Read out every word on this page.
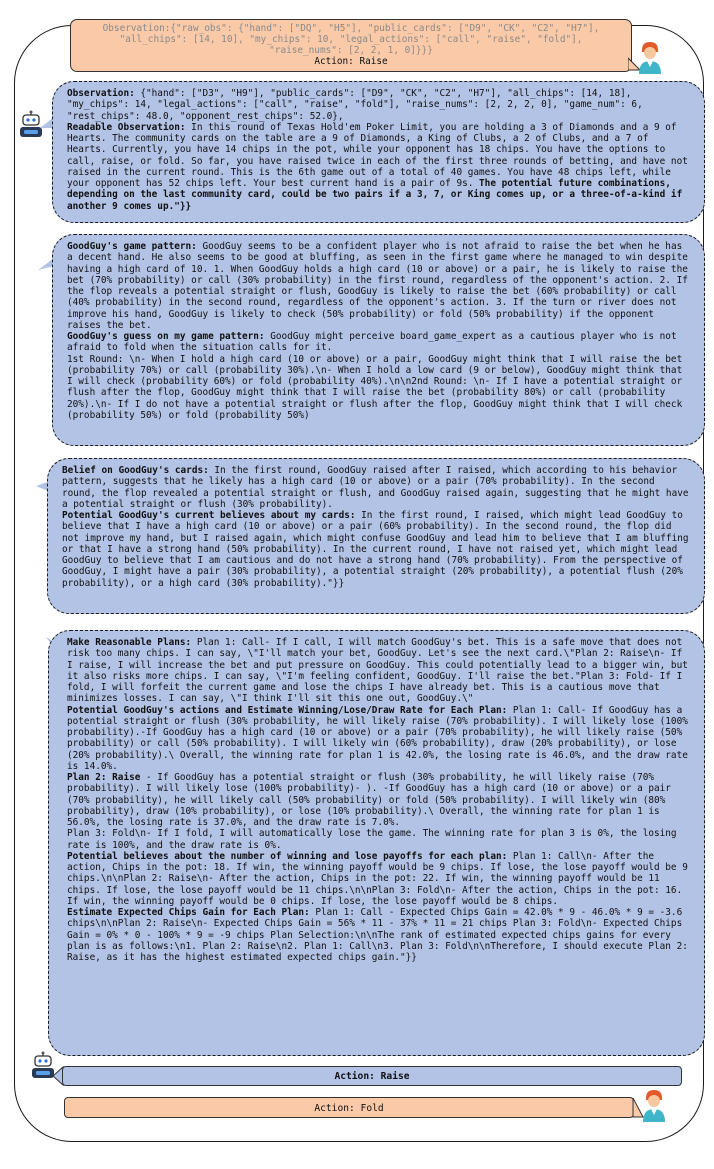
Observation:{"raw_obs": {"hand": ["DQ", "H5"], "public_cards": ["D9", "CK", "C2", "H7"],
"all_chips": [14, 10], "my_chips": 10, "legal_actions": ["call", "raise", "fold"],
"raise_nums": [2, 2, 1, 0]}}}
Action: Raise

Observation: {"hand": ["D3", "H9"], "public_cards": ["D9", "CK", "C2", "H7"], "all_chips": [14, 18], "my_chips": 14, "legal_actions": ["call", "raise", "fold"], "raise_nums": [2, 2, 2, 0], "game_num": 6, "rest_chips": 48.0, "opponent_rest_chips": 52.0},

Readable Observation: In this round of Texas Hold'em Poker Limit, you are holding a 3 of Diamonds and a 9 of Hearts. The community cards on the table are a 9 of Diamonds, a King of Clubs, a 2 of Clubs, and a 7 of Hearts. Currently, you have 14 chips in the pot, while your opponent has 18 chips. You have the options to call, raise, or fold. So far, you have raised twice in each of the first three rounds of betting, and have not raised in the current round. This is the 6th game out of a total of 40 games. You have 48 chips left, while your opponent has 52 chips left. Your best current hand is a pair of 9s. The potential future combinations, depending on the last community card, could be two pairs if a 3, 7, or King comes up, or a three-of-a-kind if another 9 comes up."}}

GoodGuy's game pattern: GoodGuy seems to be a confident player who is not afraid to raise the bet when he has a decent hand. He also seems to be good at bluffing, as seen in the first game where he managed to win despite having a high card of 10. 1. When GoodGuy holds a high card (10 or above) or a pair, he is likely to raise the bet (70% probability) or call (30% probability) in the first round, regardless of the opponent's action. 2. If the flop reveals a potential straight or flush, GoodGuy is likely to raise the bet (60% probability) or call (40% probability) in the second round, regardless of the opponent's action. 3. If the turn or river does not improve his hand, GoodGuy is likely to check (50% probability) or fold (50% probability) if the opponent raises the bet.

GoodGuy's guess on my game pattern: GoodGuy might perceive board_game_expert as a cautious player who is not afraid to fold when the situation calls for it.

1st Round: \n- When I hold a high card (10 or above) or a pair, GoodGuy might think that I will raise the bet (probability 70%) or call (probability 30%).\n- When I hold a low card (9 or below), GoodGuy might think that I will check (probability 60%) or fold (probability 40%).\n\n2nd Round: \n- If I have a potential straight or flush after the flop, GoodGuy might think that I will raise the bet (probability 80%) or call (probability 20%).\n- If I do not have a potential straight or flush after the flop, GoodGuy might think that I will check (probability 50%) or fold (probability 50%)

Belief on GoodGuy's cards: In the first round, GoodGuy raised after I raised, which according to his behavior pattern, suggests that he likely has a high card (10 or above) or a pair (70% probability). In the second round, the flop revealed a potential straight or flush, and GoodGuy raised again, suggesting that he might have a potential straight or flush (30% probability).

Potential GoodGuy's current believes about my cards: In the first round, I raised, which might lead GoodGuy to believe that I have a high card (10 or above) or a pair (60% probability). In the second round, the flop did not improve my hand, but I raised again, which might confuse GoodGuy and lead him to believe that I am bluffing or that I have a strong hand (50% probability). In the current round, I have not raised yet, which might lead GoodGuy to believe that I am cautious and do not have a strong hand (70% probability). From the perspective of GoodGuy, I might have a pair (30% probability), a potential straight (20% probability), a potential flush (20% probability), or a high card (30% probability)."}}

Make Reasonable Plans: Plan 1: Call- If I call, I will match GoodGuy's bet. This is a safe move that does not risk too many chips. I can say, \"I'll match your bet, GoodGuy. Let's see the next card.\"Plan 2: Raise\n- If I raise, I will increase the bet and put pressure on GoodGuy. This could potentially lead to a bigger win, but it also risks more chips. I can say, \"I'm feeling confident, GoodGuy. I'll raise the bet."Plan 3: Fold- If I fold, I will forfeit the current game and lose the chips I have already bet. This is a cautious move that minimizes losses. I can say, \"I think I'll sit this one out, GoodGuy.\"

Potential GoodGuy's actions and Estimate Winning/Lose/Draw Rate for Each Plan: Plan 1: Call- If GoodGuy has a potential straight or flush (30% probability, he will likely raise (70% probability). I will likely lose (100% probability).-If GoodGuy has a high card (10 or above) or a pair (70% probability), he will likely raise (50% probability) or call (50% probability). I will likely win (60% probability), draw (20% probability), or lose (20% probability).\ Overall, the winning rate for plan 1 is 42.0%, the losing rate is 46.0%, and the draw rate is 14.0%.

Plan 2: Raise - If GoodGuy has a potential straight or flush (30% probability, he will likely raise (70% probability). I will likely lose (100% probability)- ). -If GoodGuy has a high card (10 or above) or a pair (70% probability), he will likely call (50% probability) or fold (50% probability). I will likely win (80% probability), draw (10% probability), or lose (10% probability).\ Overall, the winning rate for plan 1 is 56.0%, the losing rate is 37.0%, and the draw rate is 7.0%.

Plan 3: Fold\n- If I fold, I will automatically lose the game. The winning rate for plan 3 is 0%, the losing rate is 100%, and the draw rate is 0%.

Potential believes about the number of winning and lose payoffs for each plan: Plan 1: Call\n- After the action, Chips in the pot: 18. If win, the winning payoff would be 9 chips. If lose, the lose payoff would be 9 chips.\n\nPlan 2: Raise\n- After the action, Chips in the pot: 22. If win, the winning payoff would be 11 chips. If lose, the lose payoff would be 11 chips.\n\nPlan 3: Fold\n- After the action, Chips in the pot: 16. If win, the winning payoff would be 0 chips. If lose, the lose payoff would be 8 chips.

Estimate Expected Chips Gain for Each Plan: Plan 1: Call - Expected Chips Gain = 42.0% * 9 - 46.0% * 9 = -3.6 chips\n\nPlan 2: Raise\n- Expected Chips Gain = 56% * 11 - 37% * 11 = 21 chips Plan 3: Fold\n- Expected Chips Gain = 0% * 0 - 100% * 9 = -9 chips Plan Selection:\n\nThe rank of estimated expected chips gains for every plan is as follows:\n1. Plan 2: Raise\n2. Plan 1: Call\n3. Plan 3: Fold\n\nTherefore, I should execute Plan 2: Raise, as it has the highest estimated expected chips gain."}}

Action: Raise
Action: Fold
